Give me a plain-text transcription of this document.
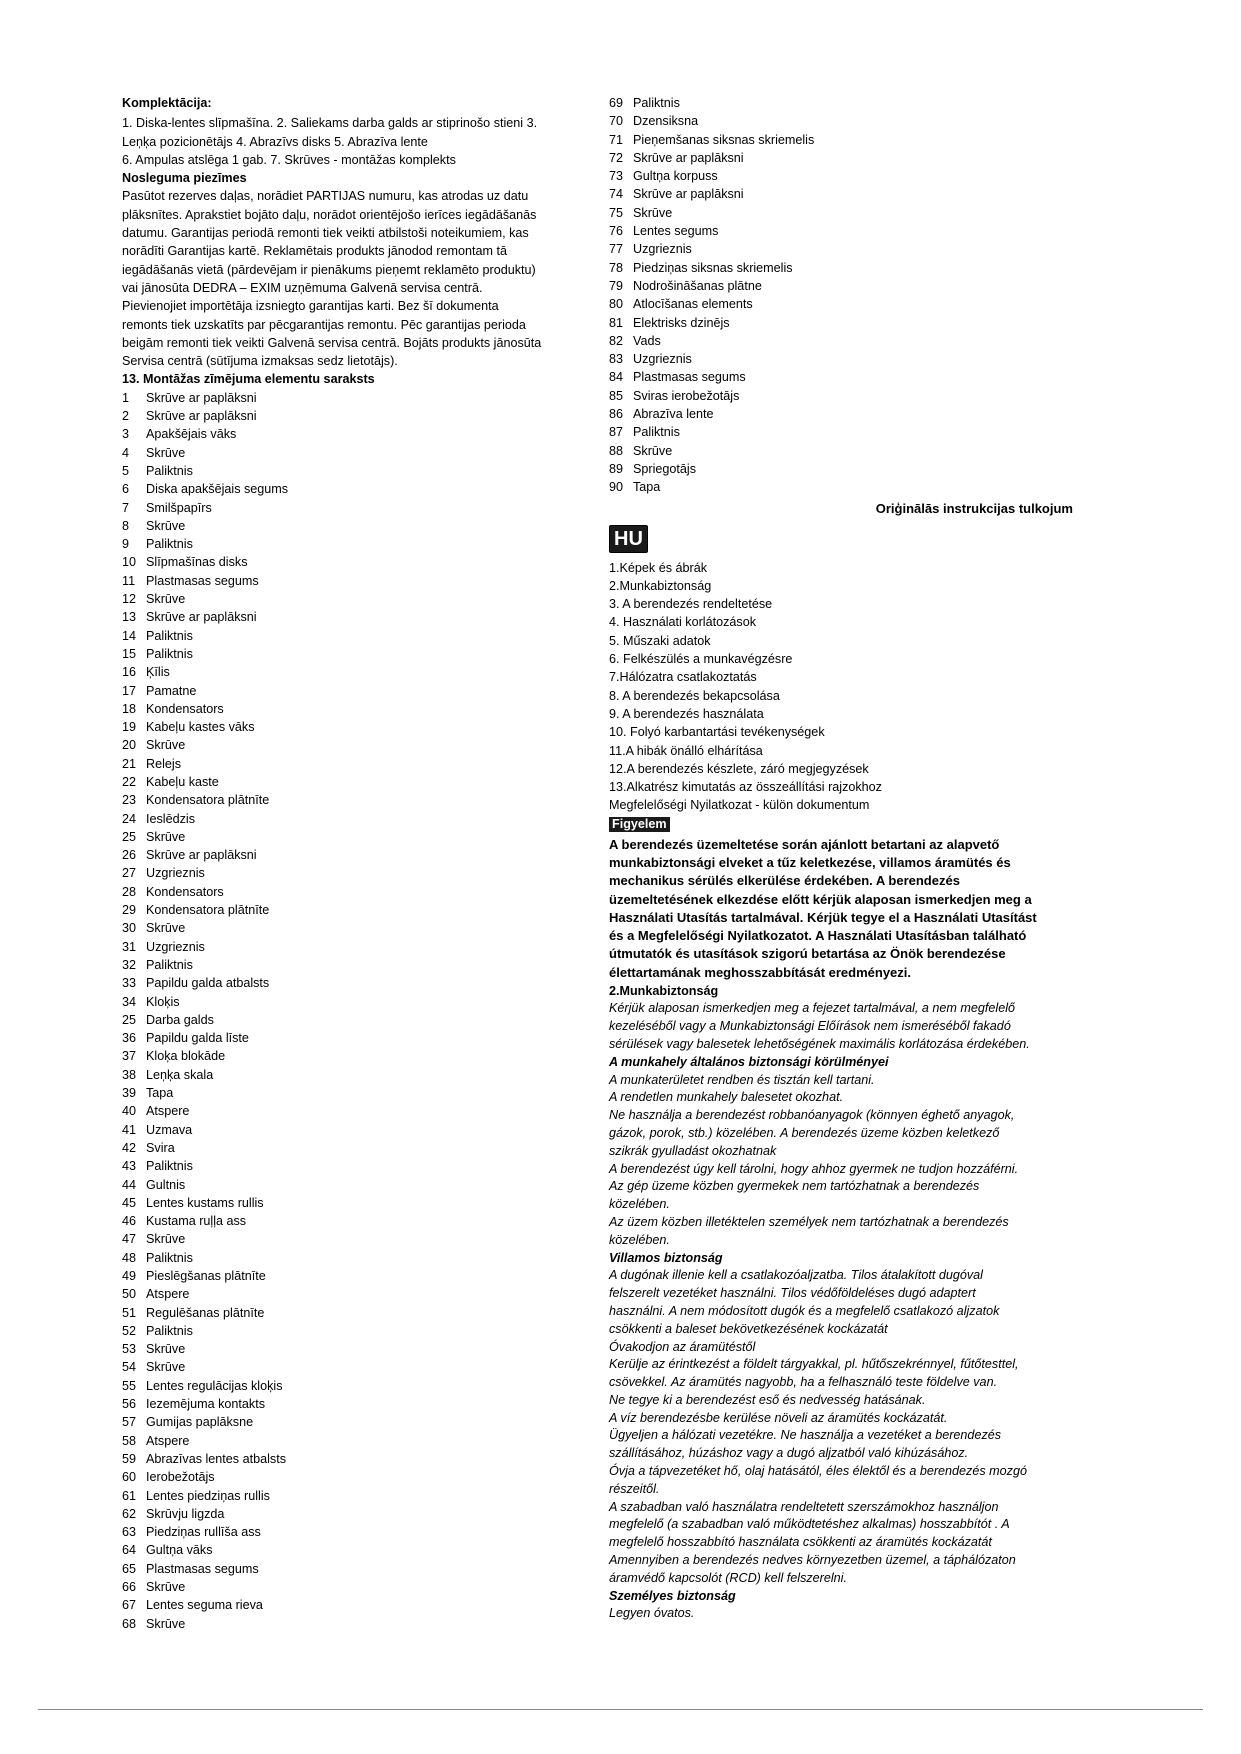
Komplektācija:
1. Diska-lentes slīpmašīna. 2. Saliekams darba galds ar stiprinošo stieni 3.
Leņķa pozicionētājs 4. Abrazīvs disks 5. Abrazīva lente
6. Ampulas atslēga 1 gab. 7. Skrūves - montāžas komplekts
Nosleguma piezīmes
Pasūtot rezerves daļas, norādiet PARTIJAS numuru, kas atrodas uz datu
plāksnītes. Aprakstiet bojāto daļu, norādot orientējošo ierīces iegādāšanās
datumu. Garantijas periodā remonti tiek veikti atbilstoši noteikumiem, kas
norādīti Garantijas kartē. Reklamētais produkts jānodod remontam tā
iegādāšanās vietā (pārdevējam ir pienākums pieņemt reklamēto produktu)
vai jānosūta DEDRA – EXIM uzņēmuma Galvenā servisa centrā.
Pievienojiet importētāja izsniegto garantijas karti. Bez šī dokumenta
remonts tiek uzskatīts par pēcgarantijas remontu. Pēc garantijas perioda
beigām remonti tiek veikti Galvenā servisa centrā. Bojāts produkts jānosūta
Servisa centrā (sūtījuma izmaksas sedz lietotājs).
13. Montāžas zīmējuma elementu saraksts
1 Skrūve ar paplāksni
2 Skrūve ar paplāksni
3 Apakšējais vāks
4 Skrūve
5 Paliktnis
6 Diska apakšējais segums
7 Smilšpapīrs
8 Skrūve
9 Paliktnis
10 Slīpmašīnas disks
11 Plastmasas segums
12 Skrūve
13 Skrūve ar paplāksni
14 Paliktnis
15 Paliktnis
16 Ķīlis
17 Pamatne
18 Kondensators
19 Kabeļu kastes vāks
20 Skrūve
21 Relejs
22 Kabeļu kaste
23 Kondensatora plātnīte
24 Ieslēdzis
25 Skrūve
26 Skrūve ar paplāksni
27 Uzgrieznis
28 Kondensators
29 Kondensatora plātnīte
30 Skrūve
31 Uzgrieznis
32 Paliktnis
33 Papildu galda atbalsts
34 Kloķis
25 Darba galds
36 Papildu galda līste
37 Kloķa blokāde
38 Leņķa skala
39 Tapa
40 Atspere
41 Uzmava
42 Svira
43 Paliktnis
44 Gultnis
45 Lentes kustams rullis
46 Kustama ruļļa ass
47 Skrūve
48 Paliktnis
49 Pieslēgšanas plātnīte
50 Atspere
51 Regulēšanas plātnīte
52 Paliktnis
53 Skrūve
54 Skrūve
55 Lentes regulācijas kloķis
56 Iezemējuma kontakts
57 Gumijas paplāksne
58 Atspere
59 Abrazīvas lentes atbalsts
60 Ierobežotājs
61 Lentes piedziņas rullis
62 Skrūvju ligzda
63 Piedziņas rullīša ass
64 Gultņa vāks
65 Plastmasas segums
66 Skrūve
67 Lentes seguma rieva
68 Skrūve
69 Paliktnis
70 Dzensiksna
71 Pieņemšanas siksnas skriemelis
72 Skrūve ar paplāksni
73 Gultņa korpuss
74 Skrūve ar paplāksni
75 Skrūve
76 Lentes segums
77 Uzgrieznis
78 Piedziņas siksnas skriemelis
79 Nodrošināšanas plātne
80 Atlocīšanas elements
81 Elektrisks dzinējs
82 Vads
83 Uzgrieznis
84 Plastmasas segums
85 Sviras ierobežotājs
86 Abrazīva lente
87 Paliktnis
88 Skrūve
89 Spriegotājs
90 Tapa
Oriģinālās instrukcijas tulkojum
HU
1.Képek és ábrák
2.Munkabiztonság
3. A berendezés rendeltetése
4. Használati korlátozások
5. Műszaki adatok
6. Felkészülés a munkavégzésre
7.Hálózatra csatlakoztatás
8. A berendezés bekapcsolása
9. A berendezés használata
10. Folyó karbantartási tevékenységek
11.A hibák önálló elhárítása
12.A berendezés készlete, záró megjegyzések
13.Alkatrész kimutatás az összeállítási rajzokhoz
Megfelelőségi Nyilatkozat - külön dokumentum
Figyelem
A berendezés üzemeltetése során ajánlott betartani az alapvető
munkabiztonsági elveket a tűz keletkezése, villamos áramütés és
mechanikus sérülés elkerülése érdekében. A berendezés
üzemeltetésének elkezdése előtt kérjük alaposan ismerkedjen meg a
Használati Utasítás tartalmával. Kérjük tegye el a Használati Utasítást
és a Megfelelőségi Nyilatkozatot. A Használati Utasításban található
útmutatók és utasítások szigorú betartása az Önök berendezése
élettartamának meghosszabbítását eredményezi.
2.Munkabiztonság
Kérjük alaposan ismerkedjen meg a fejezet tartalmával, a nem megfelelő
kezeléséből vagy a Munkabiztonsági Előírások nem ismeréséből fakadó
sérülések vagy balesetek lehetőségének maximális korlátozása érdekében.
A munkahely általános biztonsági körülményei
A munkaterületet rendben és tisztán kell tartani.
A rendetlen munkahely balesetet okozhat.
Ne használja a berendezést robbanóanyagok (könnyen éghető anyagok,
gázok, porok, stb.) közelében. A berendezés üzeme közben keletkező
szikrák gyulladást okozhatnak
A berendezést úgy kell tárolni, hogy ahhoz gyermek ne tudjon hozzáférni.
Az gép üzeme közben gyermekek nem tartózhatnak a berendezés
közelében.
Az üzem közben illetéktelen személyek nem tartózhatnak a berendezés
közelében.
Villamos biztonság
A dugónak illenie kell a csatlakozóaljzatba. Tilos átalakított dugóval
felszerelt vezetéket használni. Tilos védőföldeléses dugó adaptert
használni. A nem módosított dugók és a megfelelő csatlakozó aljzatok
csökkenti a baleset bekövetkezésének kockázatát
Óvakodjon az áramütéstől
Kerülje az érintkezést a földelt tárgyakkal, pl. hűtőszekrénnyel, fűtőtesttel,
csövekkel. Az áramütés nagyobb, ha a felhasználó teste földelve van.
Ne tegye ki a berendezést eső és nedvesség hatásának.
A víz berendezésbe kerülése növeli az áramütés kockázatát.
Ügyeljen a hálózati vezetékre. Ne használja a vezetéket a berendezés
szállításához, húzáshoz vagy a dugó aljzatból való kihúzásához.
Óvja a tápvezetéket hő, olaj hatásától, éles élektől és a berendezés mozgó
részeitől.
A szabadban való használatra rendeltetett szerszámokhoz használjon
megfelelő (a szabadban való működtetéshez alkalmas) hosszabbítót . A
megfelelő hosszabbító használata csökkenti az áramütés kockázatát
Amennyiben a berendezés nedves környezetben üzemel, a táphálózaton
áramvédő kapcsolót (RCD) kell felszerelni.
Személyes biztonság
Legyen óvatos.
